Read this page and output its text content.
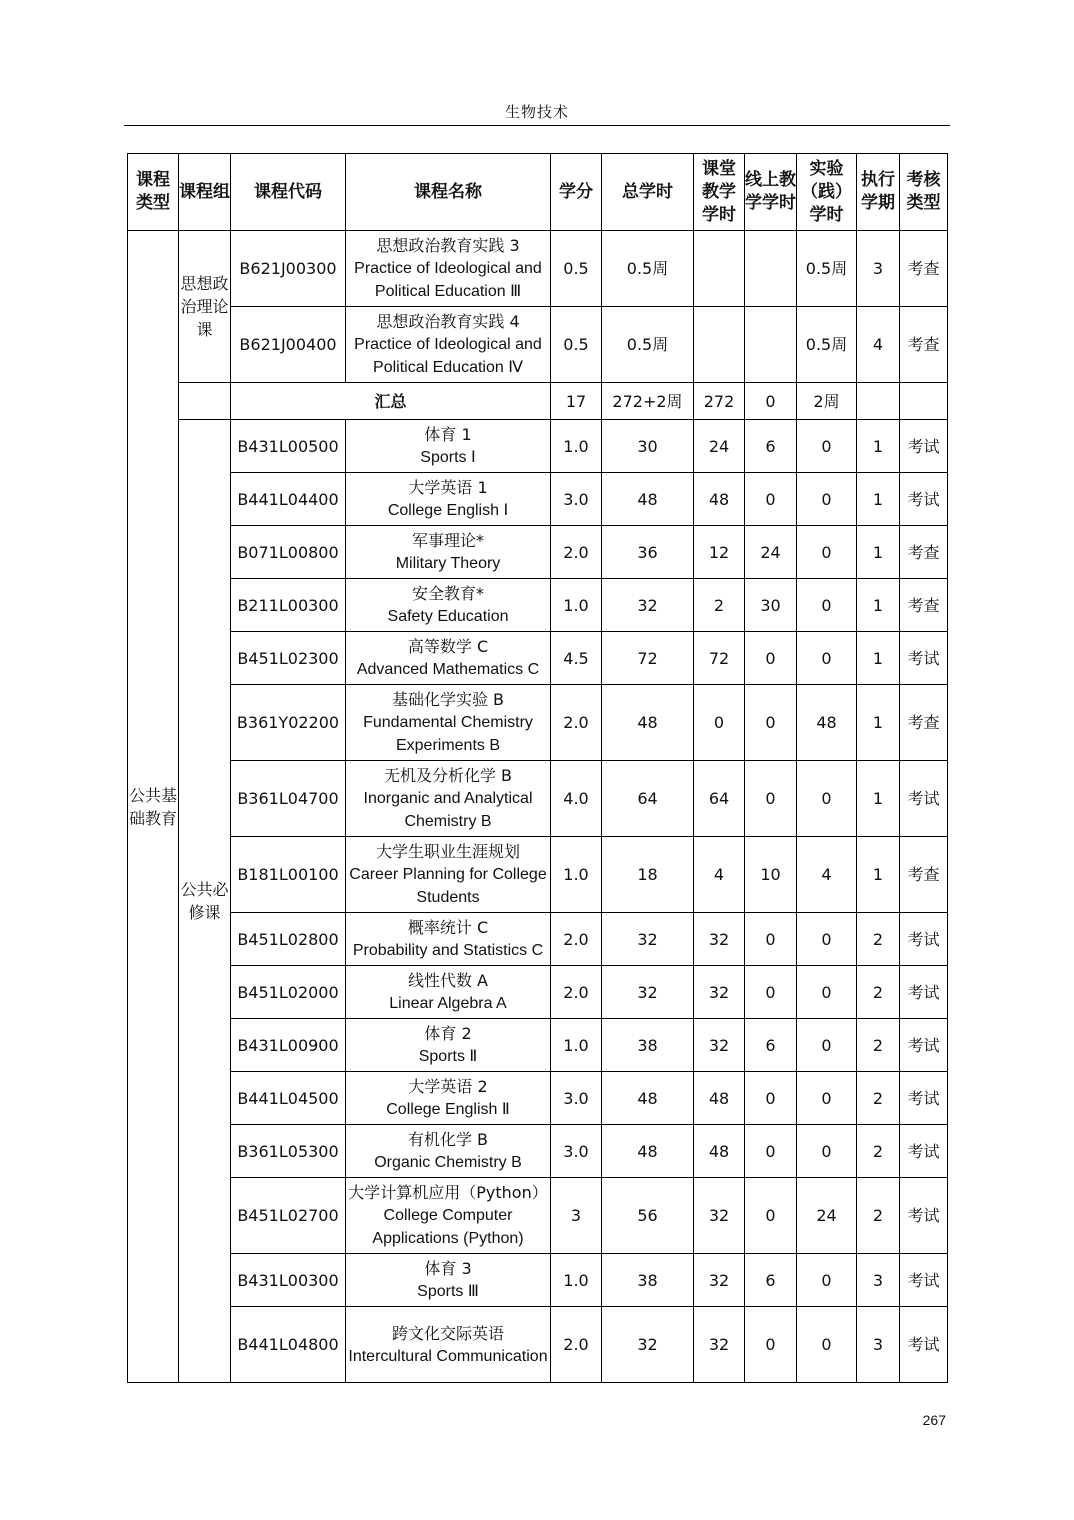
生物技术
课程类型	课程组	课程代码	课程名称	学分	总学时	课堂教学学时	线上教学学时	实验（践）学时	执行学期	考核类型
公共基础教育	思想政治理论课	B621J00300	思想政治教育实践 3
Practice of Ideological and Political Education Ⅲ	0.5	0.5周			0.5周	3	考查
		B621J00400	思想政治教育实践 4
Practice of Ideological and Political Education Ⅳ	0.5	0.5周			0.5周	4	考查
		汇总		17	272+2周	272	0	2周		
	公共必修课	B431L00500	体育 1
Sports Ⅰ	1.0	30	24	6	0	1	考试
		B441L04400	大学英语 1
College English Ⅰ	3.0	48	48	0	0	1	考试
		B071L00800	军事理论*
Military Theory	2.0	36	12	24	0	1	考查
		B211L00300	安全教育*
Safety Education	1.0	32	2	30	0	1	考查
		B451L02300	高等数学 C
Advanced Mathematics C	4.5	72	72	0	0	1	考试
		B361Y02200	基础化学实验 B
Fundamental Chemistry Experiments B	2.0	48	0	0	48	1	考查
		B361L04700	无机及分析化学 B
Inorganic and Analytical Chemistry B	4.0	64	64	0	0	1	考试
		B181L00100	大学生职业生涯规划
Career Planning for College Students	1.0	18	4	10	4	1	考查
		B451L02800	概率统计 C
Probability and Statistics C	2.0	32	32	0	0	2	考试
		B451L02000	线性代数 A
Linear Algebra A	2.0	32	32	0	0	2	考试
		B431L00900	体育 2
Sports Ⅱ	1.0	38	32	6	0	2	考试
		B441L04500	大学英语 2
College English Ⅱ	3.0	48	48	0	0	2	考试
		B361L05300	有机化学 B
Organic Chemistry B	3.0	48	48	0	0	2	考试
		B451L02700	大学计算机应用（Python）
College Computer Applications (Python)	3	56	32	0	24	2	考试
		B431L00300	体育 3
Sports Ⅲ	1.0	38	32	6	0	3	考试
		B441L04800	跨文化交际英语
Intercultural Communication	2.0	32	32	0	0	3	考试
267
